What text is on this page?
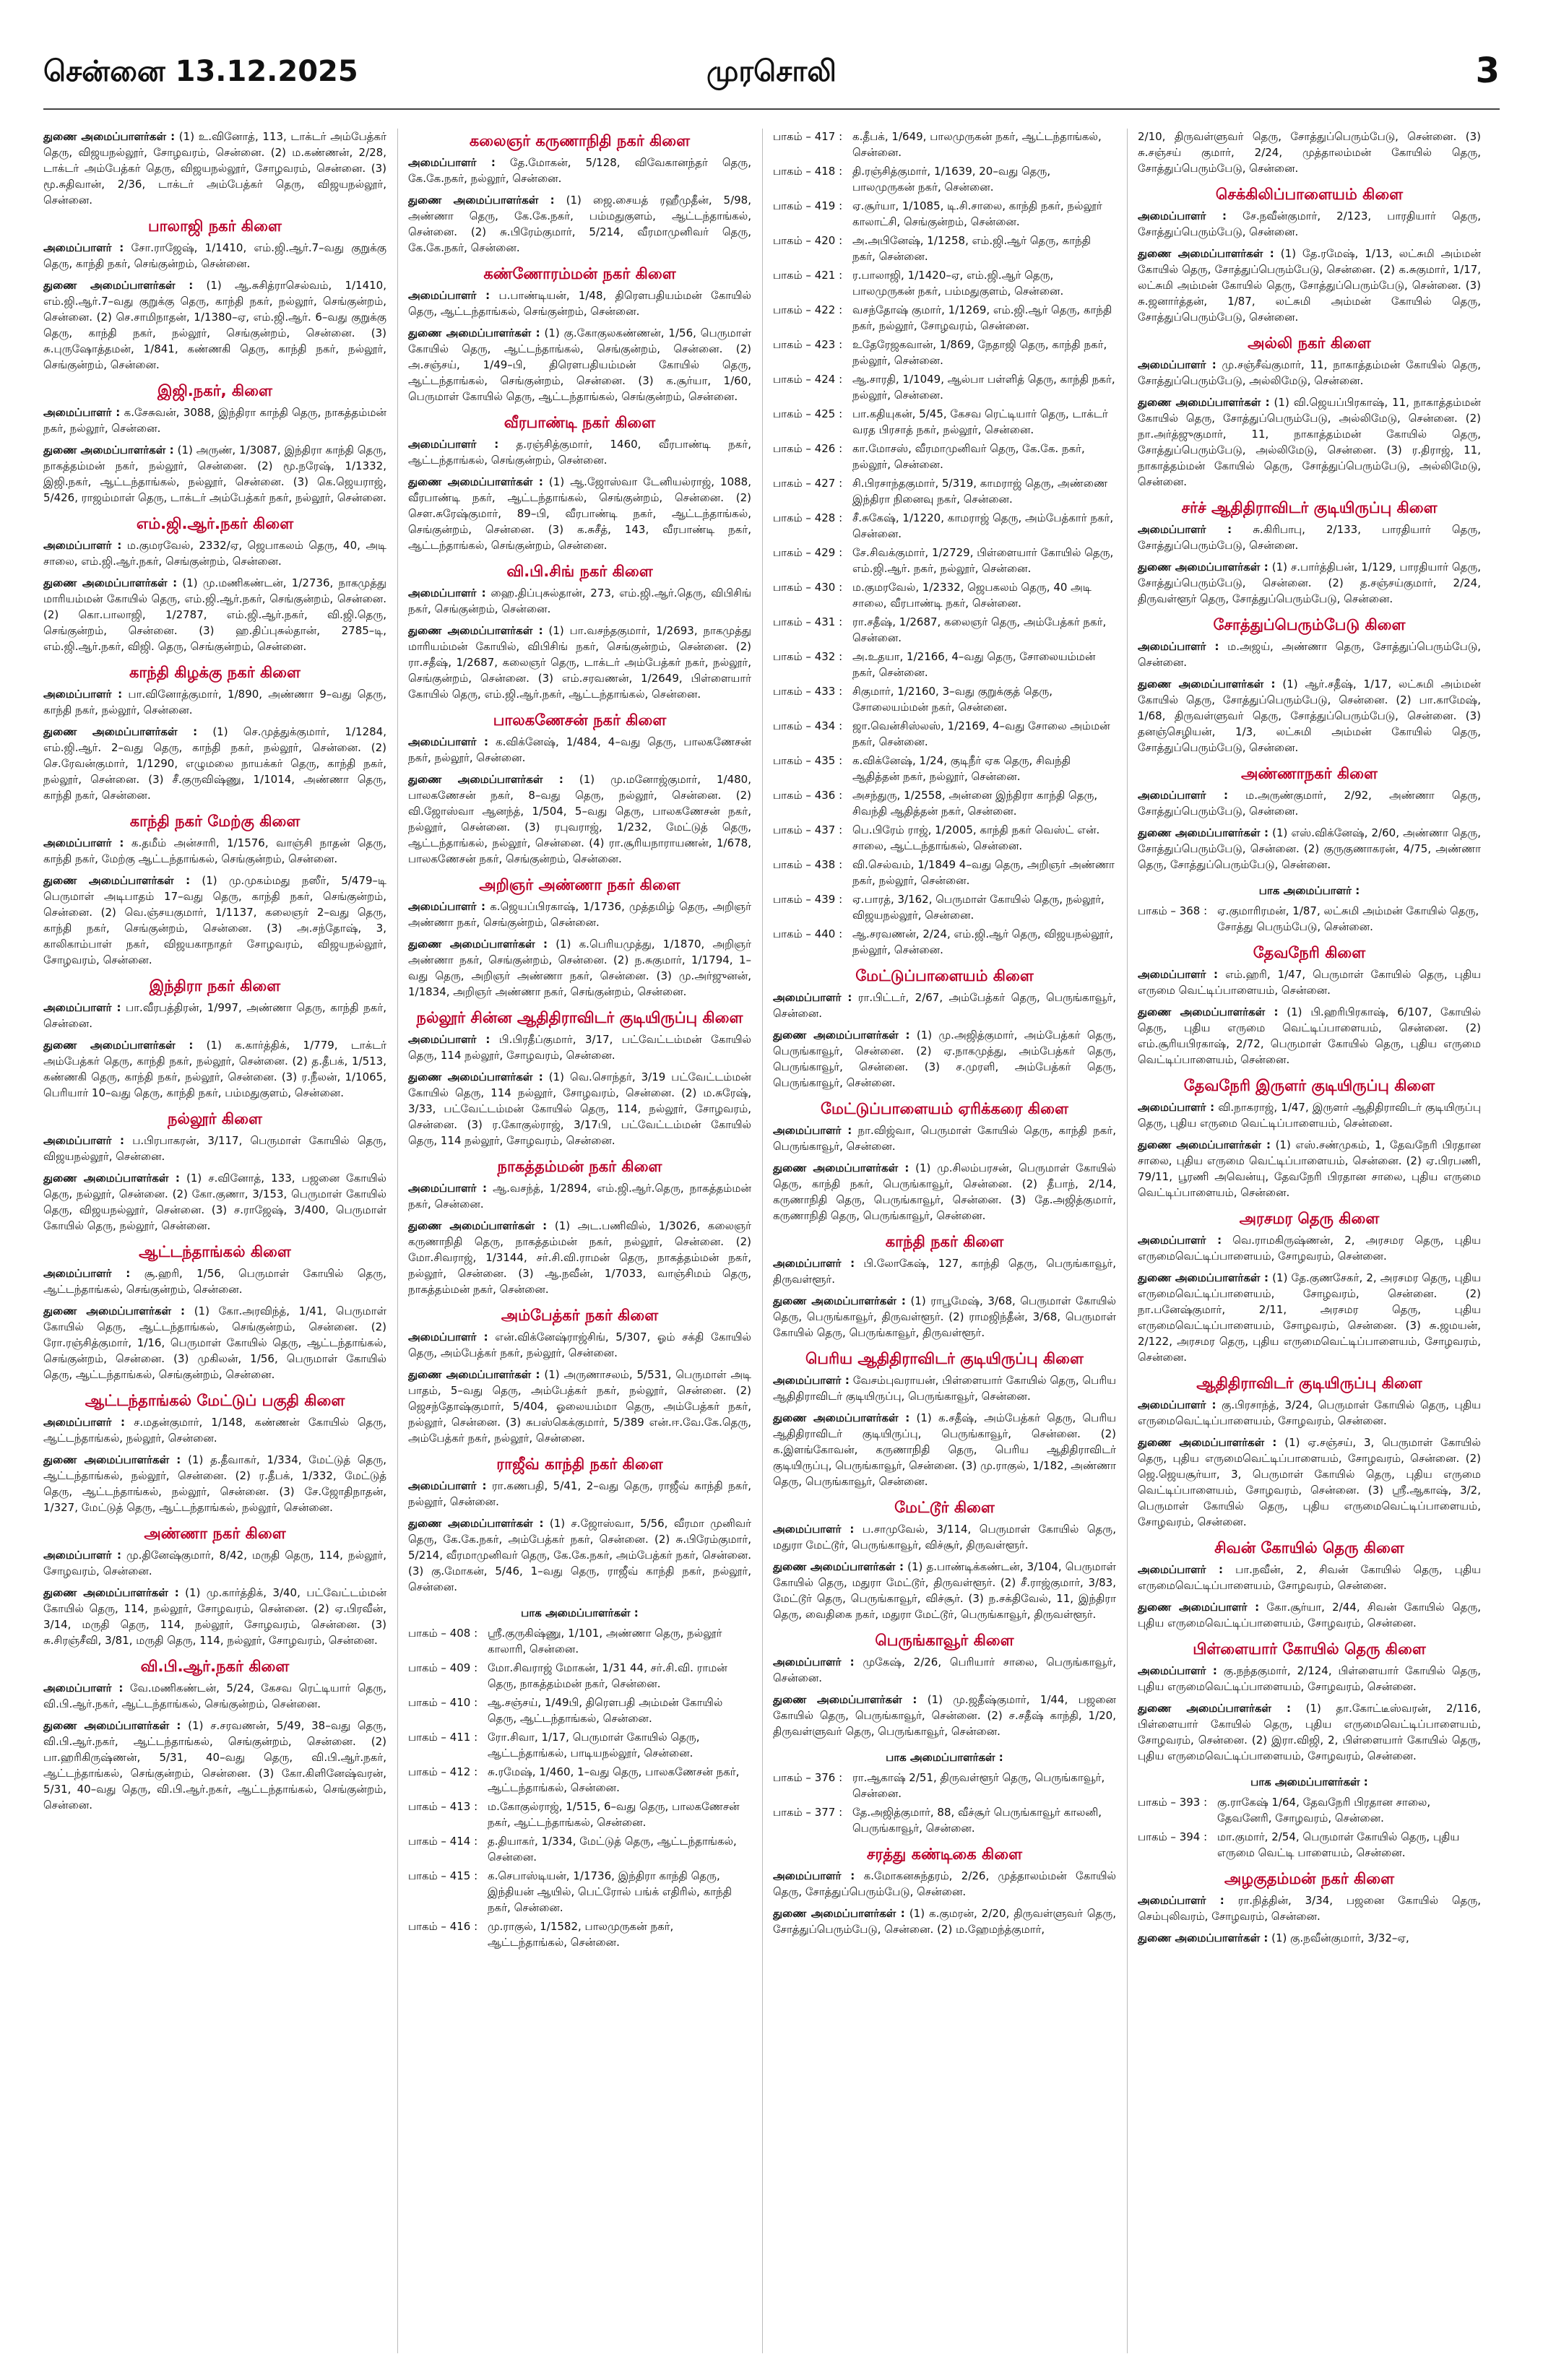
சென்னை 13.12.2025	முரசொலி	3

துணை அமைப்பாளர்கள் : (1) உ.வினோத், 113, டாக்டர் அம்பேத்கர் தெரு, விஜயநல்லூர், சோழவரம், சென்னை. (2) ம.கண்ணன், 2/28, டாக்டர் அம்பேத்கர் தெரு, விஜயநல்லூர், சோழவரம், சென்னை. (3) மூ.சுதிவான், 2/36, டாக்டர் அம்பேத்கர் தெரு, விஜயநல்லூர், சென்னை.

பாலாஜி நகர் கிளை

அமைப்பாளர் : சோ.ராஜேஷ், 1/1410, எம்.ஜி.ஆர்.7–வது குறுக்கு தெரு, காந்தி நகர், செங்குன்றம், சென்னை.

துணை அமைப்பாளர்கள் : (1) ஆ.சுசித்ராசெல்வம், 1/1410, எம்.ஜி.ஆர்.7–வது குறுக்கு தெரு, காந்தி நகர், நல்லூர், செங்குன்றம், சென்னை. (2) செ.சாமிநாதன், 1/1380–ஏ, எம்.ஜி.ஆர். 6–வது குறுக்கு தெரு, காந்தி நகர், நல்லூர், செங்குன்றம், சென்னை. (3) சு.புருஷோத்தமன், 1/841, கண்ணகி தெரு, காந்தி நகர், நல்லூர், செங்குன்றம், சென்னை.

இஜி.நகர், கிளை

அமைப்பாளர் : க.சேசுவன், 3088, இந்திரா காந்தி தெரு, நாகத்தம்மன் நகர், நல்லூர், சென்னை.

துணை அமைப்பாளர்கள் : (1) அருண், 1/3087, இந்திரா காந்தி தெரு, நாகத்தம்மன் நகர், நல்லூர், சென்னை. (2) மூ.நரேஷ், 1/1332, இஜி.நகர், ஆட்டந்தாங்கல், நல்லூர், சென்னை. (3) கெ.ஜெயராஜ், 5/426, ராஜம்மாள் தெரு, டாக்டர் அம்பேத்கர் நகர், நல்லூர், சென்னை.

எம்.ஜி.ஆர்.நகர் கிளை

அமைப்பாளர் : ம.குமரவேல், 2332/ஏ, ஜெபாகலம் தெரு, 40, அடி சாலை, எம்.ஜி.ஆர்.நகர், செங்குன்றம், சென்னை.

துணை அமைப்பாளர்கள் : (1) மு.மணிகண்டன், 1/2736, நாகமுத்து மாரியம்மன் கோயில் தெரு, எம்.ஜி.ஆர்.நகர், செங்குன்றம், சென்னை. (2) கொ.பாலாஜி, 1/2787, எம்.ஜி.ஆர்.நகர், வி.ஜி.தெரு, செங்குன்றம், சென்னை. (3) ஹ.திப்புசுல்தான், 2785–டி, எம்.ஜி.ஆர்.நகர், விஜி. தெரு, செங்குன்றம், சென்னை.

காந்தி கிழக்கு நகர் கிளை

அமைப்பாளர் : பா.வினோத்குமார், 1/890, அண்ணா 9–வது தெரு, காந்தி நகர், நல்லூர், சென்னை.

துணை அமைப்பாளர்கள் : (1) செ.முத்துக்குமார், 1/1284, எம்.ஜி.ஆர். 2–வது தெரு, காந்தி நகர், நல்லூர், சென்னை. (2) செ.ரேவன்குமார், 1/1290, எழுமலை நாயக்கர் தெரு, காந்தி நகர், நல்லூர், சென்னை. (3) சீ.குருவிஷ்ணு, 1/1014, அண்ணா தெரு, காந்தி நகர், சென்னை.

காந்தி நகர் மேற்கு கிளை

அமைப்பாளர் : க.தமீம் அன்சாரி, 1/1576, வாஞ்சி நாதன் தெரு, காந்தி நகர், மேற்கு ஆட்டந்தாங்கல், செங்குன்றம், சென்னை.

துணை அமைப்பாளர்கள் : (1) மு.முகம்மது நஸீர், 5/479–டி பெருமாள் அடிபாதம் 17–வது தெரு, காந்தி நகர், செங்குன்றம், சென்னை. (2) வெ.ஞ்சயகுமார், 1/1137, கலைஞர் 2–வது தெரு, காந்தி நகர், செங்குன்றம், சென்னை. (3) அ.சந்தோஷ், 3, காலிகாம்பாள் நகர், விஜயகாநாதர் சோழவரம், விஜயநல்லூர், சோழவரம், சென்னை.

இந்திரா நகர் கிளை

அமைப்பாளர் : பா.வீரபத்திரன், 1/997, அண்ணா தெரு, காந்தி நகர், சென்னை.

துணை அமைப்பாளர்கள் : (1) க.கார்த்திக், 1/779, டாக்டர் அம்பேத்கர் தெரு, காந்தி நகர், நல்லூர், சென்னை. (2) த.தீபக், 1/513, கண்ணகி தெரு, காந்தி நகர், நல்லூர், சென்னை. (3) ர.நீலன், 1/1065, பெரியார் 10–வது தெரு, காந்தி நகர், பம்மதுகுளம், சென்னை.

நல்லூர் கிளை

அமைப்பாளர் : ப.பிரபாகரன், 3/117, பெருமாள் கோயில் தெரு, விஜயநல்லூர், சென்னை.

துணை அமைப்பாளர்கள் : (1) ச.வினோத், 133, பஜனை கோயில் தெரு, நல்லூர், சென்னை. (2) கோ.குணா, 3/153, பெருமாள் கோயில் தெரு, விஜயநல்லூர், சென்னை. (3) ச.ராஜேஷ், 3/400, பெருமாள் கோயில் தெரு, நல்லூர், சென்னை.

ஆட்டந்தாங்கல் கிளை

அமைப்பாளர் : சூ.ஹரி, 1/56, பெருமாள் கோயில் தெரு, ஆட்டந்தாங்கல், செங்குன்றம், சென்னை.

துணை அமைப்பாளர்கள் : (1) கோ.அரவிந்த், 1/41, பெருமாள் கோயில் தெரு, ஆட்டந்தாங்கல், செங்குன்றம், சென்னை. (2) ரோ.ரஞ்சித்குமார், 1/16, பெருமாள் கோயில் தெரு, ஆட்டந்தாங்கல், செங்குன்றம், சென்னை. (3) முகிலன், 1/56, பெருமாள் கோயில் தெரு, ஆட்டந்தாங்கல், செங்குன்றம், சென்னை.

ஆட்டந்தாங்கல் மேட்டுப் பகுதி கிளை

அமைப்பாளர் : ச.மதன்குமார், 1/148, கண்ணன் கோயில் தெரு, ஆட்டந்தாங்கல், நல்லூர், சென்னை.

துணை அமைப்பாளர்கள் : (1) த.தீவாகர், 1/334, மேட்டுத் தெரு, ஆட்டந்தாங்கல், நல்லூர், சென்னை. (2) ர.தீபக், 1/332, மேட்டுத் தெரு, ஆட்டந்தாங்கல், நல்லூர், சென்னை. (3) சே.ஜோதிநாதன், 1/327, மேட்டுத் தெரு, ஆட்டந்தாங்கல், நல்லூர், சென்னை.

அண்ணா நகர் கிளை

அமைப்பாளர் : மு.தினேஷ்குமார், 8/42, மருதி தெரு, 114, நல்லூர், சோழவரம், சென்னை.

துணை அமைப்பாளர்கள் : (1) மு.கார்த்திக், 3/40, பட்வேட்டம்மன் கோயில் தெரு, 114, நல்லூர், சோழவரம், சென்னை. (2) ஏ.பிரவீன், 3/14, மருதி தெரு, 114, நல்லூர், சோழவரம், சென்னை. (3) சு.சிரஞ்சீவி, 3/81, மருதி தெரு, 114, நல்லூர், சோழவரம், சென்னை.

வி.பி.ஆர்.நகர் கிளை

அமைப்பாளர் : வே.மணிகண்டன், 5/24, கேசவ ரெட்டியார் தெரு, வி.பி.ஆர்.நகர், ஆட்டந்தாங்கல், செங்குன்றம், சென்னை.

துணை அமைப்பாளர்கள் : (1) ச.சரவணன், 5/49, 38–வது தெரு, வி.பி.ஆர்.நகர், ஆட்டந்தாங்கல், செங்குன்றம், சென்னை. (2) பா.ஹரிகிருஷ்ணன், 5/31, 40–வது தெரு, வி.பி.ஆர்.நகர், ஆட்டந்தாங்கல், செங்குன்றம், சென்னை. (3) கோ.கிளினேஷ்வரன், 5/31, 40–வது தெரு, வி.பி.ஆர்.நகர், ஆட்டந்தாங்கல், செங்குன்றம், சென்னை.

கலைஞர் கருணாநிதி நகர் கிளை

அமைப்பாளர் : தே.மோகன், 5/128, விவேகானந்தர் தெரு, கே.கே.நகர், நல்லூர், சென்னை.

துணை அமைப்பாளர்கள் : (1) ஜை.சையத் ரஹீமுதீன், 5/98, அண்ணா தெரு, கே.கே.நகர், பம்மதுகுளம், ஆட்டந்தாங்கல், சென்னை. (2) சு.பிரேம்குமார், 5/214, வீரமாமுனிவர் தெரு, கே.கே.நகர், சென்னை.

கண்ணோரம்மன் நகர் கிளை

அமைப்பாளர் : ப.பாண்டியன், 1/48, திரௌபதியம்மன் கோயில் தெரு, ஆட்டந்தாங்கல், செங்குன்றம், சென்னை.

துணை அமைப்பாளர்கள் : (1) கு.கோகுலகண்ணன், 1/56, பெருமாள் கோயில் தெரு, ஆட்டந்தாங்கல், செங்குன்றம், சென்னை. (2) அ.சஞ்சய், 1/49–பி, திரௌபதியம்மன் கோயில் தெரு, ஆட்டந்தாங்கல், செங்குன்றம், சென்னை. (3) க.சூர்யா, 1/60, பெருமாள் கோயில் தெரு, ஆட்டந்தாங்கல், செங்குன்றம், சென்னை.

வீரபாண்டி நகர் கிளை

அமைப்பாளர் : த.ரஞ்சித்குமார், 1460, வீரபாண்டி நகர், ஆட்டந்தாங்கல், செங்குன்றம், சென்னை.

துணை அமைப்பாளர்கள் : (1) ஆ.ஜோஸ்வா டேனியல்ராஜ், 1088, வீரபாண்டி நகர், ஆட்டந்தாங்கல், செங்குன்றம், சென்னை. (2) சௌ.சுரேஷ்குமார், 89–பி, வீரபாண்டி நகர், ஆட்டந்தாங்கல், செங்குன்றம், சென்னை. (3) க.சுசீத், 143, வீரபாண்டி நகர், ஆட்டந்தாங்கல், செங்குன்றம், சென்னை.

வி.பி.சிங் நகர் கிளை

அமைப்பாளர் : ஹை.திப்புசுல்தான், 273, எம்.ஜி.ஆர்.தெரு, விபிசிங் நகர், செங்குன்றம், சென்னை.

துணை அமைப்பாளர்கள் : (1) பா.வசந்தகுமார், 1/2693, நாகமுத்து மாரியம்மன் கோயில், விபிசிங் நகர், செங்குன்றம், சென்னை. (2) ரா.சதீஷ், 1/2687, கலைஞர் தெரு, டாக்டர் அம்பேத்கர் நகர், நல்லூர், செங்குன்றம், சென்னை. (3) எம்.சரவணன், 1/2649, பிள்ளையார் கோயில் தெரு, எம்.ஜி.ஆர்.நகர், ஆட்டந்தாங்கல், சென்னை.

பாலகணேசன் நகர் கிளை

அமைப்பாளர் : க.விக்னேஷ், 1/484, 4–வது தெரு, பாலகணேசன் நகர், நல்லூர், சென்னை.

துணை அமைப்பாளர்கள் : (1) மு.மனோஜ்குமார், 1/480, பாலகணேசன் நகர், 8–வது தெரு, நல்லூர், சென்னை. (2) வி.ஜோஸ்வா ஆனந்த், 1/504, 5–வது தெரு, பாலகணேசன் நகர், நல்லூர், சென்னை. (3) ரபுவராஜ், 1/232, மேட்டுத் தெரு, ஆட்டந்தாங்கல், நல்லூர், சென்னை. (4) ரா.சூரியநாராயணன், 1/678, பாலகணேசன் நகர், செங்குன்றம், சென்னை.

அறிஞர் அண்ணா நகர் கிளை

அமைப்பாளர் : க.ஜெயப்பிரகாஷ், 1/1736, முத்தமிழ் தெரு, அறிஞர் அண்ணா நகர், செங்குன்றம், சென்னை.

துணை அமைப்பாளர்கள் : (1) க.பெரியமுத்து, 1/1870, அறிஞர் அண்ணா நகர், செங்குன்றம், சென்னை. (2) ந.சுகுமார், 1/1794, 1–வது தெரு, அறிஞர் அண்ணா நகர், சென்னை. (3) மு.அர்ஜுனன், 1/1834, அறிஞர் அண்ணா நகர், செங்குன்றம், சென்னை.

நல்லூர் சின்ன ஆதிதிராவிடர் குடியிருப்பு கிளை

அமைப்பாளர் : பி.பிரதீப்குமார், 3/17, பட்வேட்டம்மன் கோயில் தெரு, 114 நல்லூர், சோழவரம், சென்னை.

துணை அமைப்பாளர்கள் : (1) வெ.சொந்தர், 3/19 பட்வேட்டம்மன் கோயில் தெரு, 114 நல்லூர், சோழவரம், சென்னை. (2) ம.சுரேஷ், 3/33, பட்வேட்டம்மன் கோயில் தெரு, 114, நல்லூர், சோழவரம், சென்னை. (3) ர.கோகுல்ராஜ், 3/17பி, பட்வேட்டம்மன் கோயில் தெரு, 114 நல்லூர், சோழவரம், சென்னை.

நாகத்தம்மன் நகர் கிளை

அமைப்பாளர் : ஆ.வசந்த், 1/2894, எம்.ஜி.ஆர்.தெரு, நாகத்தம்மன் நகர், சென்னை.

துணை அமைப்பாளர்கள் : (1) அட.பணிவில், 1/3026, கலைஞர் கருணாநிதி தெரு, நாகத்தம்மன் நகர், நல்லூர், சென்னை. (2) மோ.சிவராஜ், 1/3144, சர்.சி.வி.ராமன் தெரு, நாகத்தம்மன் நகர், நல்லூர், சென்னை. (3) ஆ.நவீன், 1/7033, வாஞ்சிமம் தெரு, நாகத்தம்மன் நகர், சென்னை.

அம்பேத்கர் நகர் கிளை

அமைப்பாளர் : என்.விக்னேஷ்ராஜ்சிங், 5/307, ஓம் சக்தி கோயில் தெரு, அம்பேத்கர் நகர், நல்லூர், சென்னை.

துணை அமைப்பாளர்கள் : (1) அருணாசலம், 5/531, பெருமாள் அடி பாதம், 5–வது தெரு, அம்பேத்கர் நகர், நல்லூர், சென்னை. (2) ஜெசந்தோஷ்குமார், 5/404, ஓலையம்மா தெரு, அம்பேத்கர் நகர், நல்லூர், சென்னை. (3) சுபஸ்கெக்குமார், 5/389 என்.ஈ.வே.கே.தெரு, அம்பேத்கர் நகர், நல்லூர், சென்னை.

ராஜீவ் காந்தி நகர் கிளை

அமைப்பாளர் : ரா.கணபதி, 5/41, 2–வது தெரு, ராஜீவ் காந்தி நகர், நல்லூர், சென்னை.

துணை அமைப்பாளர்கள் : (1) ச.ஜோஸ்வா, 5/56, வீரமா முனிவர் தெரு, கே.கே.நகர், அம்பேத்கர் நகர், சென்னை. (2) சு.பிரேம்குமார், 5/214, வீரமாமுனிவர் தெரு, கே.கே.நகர், அம்பேத்கர் நகர், சென்னை. (3) கு.மோகன், 5/46, 1–வது தெரு, ராஜீவ் காந்தி நகர், நல்லூர், சென்னை.

பாக அமைப்பாளர்கள் :
பாகம் – 408 : ஸ்ரீ.குருகிஷ்ணு, 1/101, அண்ணா தெரு, நல்லூர் காலாரி, சென்னை.
பாகம் – 409 : மோ.சிவராஜ் மோகன், 1/31 44, சர்.சி.வி. ராமன் தெரு, நாகத்தம்மன் நகர், சென்னை.
பாகம் – 410 : ஆ.சஞ்சய், 1/49பி, திரௌபதி அம்மன் கோயில் தெரு, ஆட்டந்தாங்கல், சென்னை.
பாகம் – 411 : ரோ.சிவா, 1/17, பெருமாள் கோயில் தெரு, ஆட்டந்தாங்கல், பாடியநல்லூர், சென்னை.
பாகம் – 412 : சு.ரமேஷ், 1/460, 1–வது தெரு, பாலகணேசன் நகர், ஆட்டந்தாங்கல், சென்னை.
பாகம் – 413 : ம.கோகுல்ராஜ், 1/515, 6–வது தெரு, பாலகணேசன் நகர், ஆட்டந்தாங்கல், சென்னை.
பாகம் – 414 : த.தியாகர், 1/334, மேட்டுத் தெரு, ஆட்டந்தாங்கல், சென்னை.
பாகம் – 415 : க.செபாஸ்டியன், 1/1736, இந்திரா காந்தி தெரு, இந்தியன் ஆயில், பெட்ரோல் பங்க் எதிரில், காந்தி நகர், சென்னை.
பாகம் – 416 : மு.ராகுல், 1/1582, பாலமுருகன் நகர், ஆட்டந்தாங்கல், சென்னை.
பாகம் – 417 : க.தீபக், 1/649, பாலமுருகன் நகர், ஆட்டந்தாங்கல், சென்னை.
பாகம் – 418 : தி.ரஞ்சித்குமார், 1/1639, 20–வது தெரு, பாலமுருகன் நகர், சென்னை.
பாகம் – 419 : ஏ.சூர்யா, 1/1085, டி.சி.சாலை, காந்தி நகர், நல்லூர் காலாட்சி, செங்குன்றம், சென்னை.
பாகம் – 420 : அ.அபினேஷ், 1/1258, எம்.ஜி.ஆர் தெரு, காந்தி நகர், சென்னை.
பாகம் – 421 : ர.பாலாஜி, 1/1420–ஏ, எம்.ஜி.ஆர் தெரு, பாலமுருகன் நகர், பம்மதுகுளம், சென்னை.
பாகம் – 422 : வசந்தோஷ் குமார், 1/1269, எம்.ஜி.ஆர் தெரு, காந்தி நகர், நல்லூர், சோழவரம், சென்னை.
பாகம் – 423 : உதேரேஜகவான், 1/869, நேதாஜி தெரு, காந்தி நகர், நல்லூர், சென்னை.
பாகம் – 424 : ஆ.சாரதி, 1/1049, ஆல்பா பள்ளித் தெரு, காந்தி நகர், நல்லூர், சென்னை.
பாகம் – 425 : பா.கதியுகன், 5/45, கேசவ ரெட்டியார் தெரு, டாக்டர் வரத பிரசாத் நகர், நல்லூர், சென்னை.
பாகம் – 426 : கா.மோசஸ், வீரமாமுனிவர் தெரு, கே.கே. நகர், நல்லூர், சென்னை.
பாகம் – 427 : சி.பிரசாந்தகுமார், 5/319, காமராஜ் தெரு, அண்ணை இந்திரா நினைவு நகர், சென்னை.
பாகம் – 428 : சீ.சுகேஷ், 1/1220, காமராஜ் தெரு, அம்பேத்கார் நகர், சென்னை.
பாகம் – 429 : சே.சிவக்குமார், 1/2729, பிள்ளையார் கோயில் தெரு, எம்.ஜி.ஆர். நகர், நல்லூர், சென்னை.
பாகம் – 430 : ம.குமரவேல், 1/2332, ஜெபகலம் தெரு, 40 அடி சாலை, வீரபாண்டி நகர், சென்னை.
பாகம் – 431 : ரா.சதீஷ், 1/2687, கலைஞர் தெரு, அம்பேத்கர் நகர், சென்னை.
பாகம் – 432 : அ.உதயா, 1/2166, 4–வது தெரு, சோலையம்மன் நகர், சென்னை.
பாகம் – 433 : சிகுமார், 1/2160, 3–வது குறுக்குத் தெரு, சோலையம்மன் நகர், சென்னை.
பாகம் – 434 : ஜா.வென்சிஸ்லஸ், 1/2169, 4–வது சோலை அம்மன் நகர், சென்னை.
பாகம் – 435 : க.விக்னேஷ், 1/24, குடிநீர் ஏக தெரு, சிவந்தி ஆதித்தன் நகர், நல்லூர், சென்னை.
பாகம் – 436 : அசந்துரு, 1/2558, அன்னை இந்திரா காந்தி தெரு, சிவந்தி ஆதித்தன் நகர், சென்னை.
பாகம் – 437 : பெ.பிரேம் ராஜ், 1/2005, காந்தி நகர் வெஸ்ட் என். சாலை, ஆட்டந்தாங்கல், சென்னை.
பாகம் – 438 : வி.செல்வம், 1/1849 4–வது தெரு, அறிஞர் அண்ணா நகர், நல்லூர், சென்னை.
பாகம் – 439 : ஏ.பாரத், 3/162, பெருமாள் கோயில் தெரு, நல்லூர், விஜயநல்லூர், சென்னை.
பாகம் – 440 : ஆ.சரவணன், 2/24, எம்.ஜி.ஆர் தெரு, விஜயநல்லூர், நல்லூர், சென்னை.
மேட்டுப்பாளையம் கிளை

அமைப்பாளர் : ரா.பிட்டர், 2/67, அம்பேத்கர் தெரு, பெருங்காவூர், சென்னை.

துணை அமைப்பாளர்கள் : (1) மு.அஜித்குமார், அம்பேத்கர் தெரு, பெருங்காவூர், சென்னை. (2) ஏ.நாகமுத்து, அம்பேத்கர் தெரு, பெருங்காவூர், சென்னை. (3) ச.முரளி, அம்பேத்கர் தெரு, பெருங்காவூர், சென்னை.

மேட்டுப்பாளையம் ஏரிக்கரை கிளை

அமைப்பாளர் : நா.விஜ்வா, பெருமாள் கோயில் தெரு, காந்தி நகர், பெருங்காவூர், சென்னை.

துணை அமைப்பாளர்கள் : (1) மு.சிலம்பரசன், பெருமாள் கோயில் தெரு, காந்தி நகர், பெருங்காவூர், சென்னை. (2) தீபாந், 2/14, கருணாநிதி தெரு, பெருங்காவூர், சென்னை. (3) தே.அஜித்குமார், கருணாநிதி தெரு, பெருங்காவூர், சென்னை.

காந்தி நகர் கிளை

அமைப்பாளர் : பி.லோகேஷ், 127, காந்தி தெரு, பெருங்காவூர், திருவள்ளூர்.

துணை அமைப்பாளர்கள் : (1) ராபூமேஷ், 3/68, பெருமாள் கோயில் தெரு, பெருங்காவூர், திருவள்ளூர். (2) ராமஜிந்தீன், 3/68, பெருமாள் கோயில் தெரு, பெருங்காவூர், திருவள்ளூர்.

பெரிய ஆதிதிராவிடர் குடியிருப்பு கிளை

அமைப்பாளர் : வேசம்புவராயன், பிள்ளையார் கோயில் தெரு, பெரிய ஆதிதிராவிடர் குடியிருப்பு, பெருங்காவூர், சென்னை.

துணை அமைப்பாளர்கள் : (1) க.சதீஷ், அம்பேத்கர் தெரு, பெரிய ஆதிதிராவிடர் குடியிருப்பு, பெருங்காவூர், சென்னை. (2) க.இளங்கோவன், கருணாநிதி தெரு, பெரிய ஆதிதிராவிடர் குடியிருப்பு, பெருங்காவூர், சென்னை. (3) மு.ராகுல், 1/182, அண்ணா தெரு, பெருங்காவூர், சென்னை.

மேட்டூர் கிளை

அமைப்பாளர் : ப.சாமுவேல், 3/114, பெருமாள் கோயில் தெரு, மதுரா மேட்டூர், பெருங்காவூர், விச்சூர், திருவள்ளூர்.

துணை அமைப்பாளர்கள் : (1) த.பாண்டிக்கண்டன், 3/104, பெருமாள் கோயில் தெரு, மதுரா மேட்டூர், திருவள்ளூர். (2) சீ.ராஜ்குமார், 3/83, மேட்டூர் தெரு, பெருங்காவூர், விச்சூர். (3) ந.சக்திவேல், 11, இந்திரா தெரு, வைதிகை நகர், மதுரா மேட்டூர், பெருங்காவூர், திருவள்ளூர்.

பெருங்காவூர் கிளை

அமைப்பாளர் : முகேஷ், 2/26, பெரியார் சாலை, பெருங்காவூர், சென்னை.

துணை அமைப்பாளர்கள் : (1) மு.ஜதீஷ்குமார், 1/44, பஜனை கோயில் தெரு, பெருங்காவூர், சென்னை. (2) ச.சதீஷ் காந்தி, 1/20, திருவள்ளுவர் தெரு, பெருங்காவூர், சென்னை.

பாக அமைப்பாளர்கள் :
பாகம் – 376 : ரா.ஆகாஷ் 2/51, திருவள்ளூர் தெரு, பெருங்காவூர், சென்னை.
பாகம் – 377 : தே.அஜித்குமார், 88, வீச்சூர் பெருங்காவூர் காலனி, பெருங்காவூர், சென்னை.
சரத்து கண்டிகை கிளை

அமைப்பாளர் : க.மோகனசுந்தரம், 2/26, முத்தாலம்மன் கோயில் தெரு, சோத்துப்பெரும்பேடு, சென்னை.

துணை அமைப்பாளர்கள் : (1) க.குமரன், 2/20, திருவள்ளுவர் தெரு, சோத்துப்பெரும்பேடு, சென்னை. (2) ம.ஹேமந்த்குமார்,

2/10, திருவள்ளுவர் தெரு, சோத்துப்பெரும்பேடு, சென்னை. (3) சு.சஞ்சய் குமார், 2/24, முத்தாலம்மன் கோயில் தெரு, சோத்துப்பெரும்பேடு, சென்னை.

செக்கிலிப்பாளையம் கிளை

அமைப்பாளர் : சே.நவீன்குமார், 2/123, பாரதியார் தெரு, சோத்துப்பெரும்பேடு, சென்னை.

துணை அமைப்பாளர்கள் : (1) தே.ரமேஷ், 1/13, லட்சுமி அம்மன் கோயில் தெரு, சோத்துப்பெரும்பேடு, சென்னை. (2) க.சுகுமார், 1/17, லட்சுமி அம்மன் கோயில் தெரு, சோத்துப்பெரும்பேடு, சென்னை. (3) சு.ஜனார்த்தன், 1/87, லட்சுமி அம்மன் கோயில் தெரு, சோத்துப்பெரும்பேடு, சென்னை.

அல்லி நகர் கிளை

அமைப்பாளர் : மு.சஞ்சீவ்குமார், 11, நாகாத்தம்மன் கோயில் தெரு, சோத்துப்பெரும்பேடு, அல்லிமேடு, சென்னை.

துணை அமைப்பாளர்கள் : (1) வி.ஜெயப்பிரகாஷ், 11, நாகாத்தம்மன் கோயில் தெரு, சோத்துப்பெரும்பேடு, அல்லிமேடு, சென்னை. (2) நா.அர்த்ஜுகுமார், 11, நாகாத்தம்மன் கோயில் தெரு, சோத்துப்பெரும்பேடு, அல்லிமேடு, சென்னை. (3) ர.திராஜ், 11, நாகாத்தம்மன் கோயில் தெரு, சோத்துப்பெரும்பேடு, அல்லிமேடு, சென்னை.

சர்ச் ஆதிதிராவிடர் குடியிருப்பு கிளை

அமைப்பாளர் : சு.கிரிபாபு, 2/133, பாரதியார் தெரு, சோத்துப்பெரும்பேடு, சென்னை.

துணை அமைப்பாளர்கள் : (1) ச.பார்த்திபன், 1/129, பாரதியார் தெரு, சோத்துப்பெரும்பேடு, சென்னை. (2) த.சஞ்சய்குமார், 2/24, திருவள்ளூர் தெரு, சோத்துப்பெரும்பேடு, சென்னை.

சோத்துப்பெரும்பேடு கிளை

அமைப்பாளர் : ம.அஜய், அண்ணா தெரு, சோத்துப்பெரும்பேடு, சென்னை.

துணை அமைப்பாளர்கள் : (1) ஆர்.சதீஷ், 1/17, லட்சுமி அம்மன் கோயில் தெரு, சோத்துப்பெரும்பேடு, சென்னை. (2) பா.காமேஷ், 1/68, திருவள்ளுவர் தெரு, சோத்துப்பெரும்பேடு, சென்னை. (3) தனஞ்செழியன், 1/3, லட்சுமி அம்மன் கோயில் தெரு, சோத்துப்பெரும்பேடு, சென்னை.

அண்ணாநகர் கிளை

அமைப்பாளர் : ம.அருண்குமார், 2/92, அண்ணா தெரு, சோத்துப்பெரும்பேடு, சென்னை.

துணை அமைப்பாளர்கள் : (1) எஸ்.விக்னேஷ், 2/60, அண்ணா தெரு, சோத்துப்பெரும்பேடு, சென்னை. (2) குருகுணாகரன், 4/75, அண்ணா தெரு, சோத்துப்பெரும்பேடு, சென்னை.

பாக அமைப்பாளர் :
பாகம் – 368 : ஏ.குமாரிரமன், 1/87, லட்சுமி அம்மன் கோயில் தெரு, சோத்து பெரும்பேடு, சென்னை.
தேவநேரி கிளை

அமைப்பாளர் : எம்.ஹரி, 1/47, பெருமாள் கோயில் தெரு, புதிய எருமை வெட்டிப்பாளையம், சென்னை.

துணை அமைப்பாளர்கள் : (1) பி.ஹரிபிரகாஷ், 6/107, கோயில் தெரு, புதிய எருமை வெட்டிப்பாளையம், சென்னை. (2) எம்.சூரியபிரகாஷ், 2/72, பெருமாள் கோயில் தெரு, புதிய எருமை வெட்டிப்பாளையம், சென்னை.

தேவநேரி இருளர் குடியிருப்பு கிளை

அமைப்பாளர் : வி.நாகராஜ், 1/47, இருளர் ஆதிதிராவிடர் குடியிருப்பு தெரு, புதிய எருமை வெட்டிப்பாளையம், சென்னை.

துணை அமைப்பாளர்கள் : (1) எஸ்.சண்முகம், 1, தேவநேரி பிரதான சாலை, புதிய எருமை வெட்டிப்பாளையம், சென்னை. (2) ஏ.பிரபணி, 79/11, பூரணி அவென்யு, தேவநேரி பிரதான சாலை, புதிய எருமை வெட்டிப்பாளையம், சென்னை.

அரசமர தெரு கிளை

அமைப்பாளர் : வெ.ராமகிருஷ்ணன், 2, அரசமர தெரு, புதிய எருமைவெட்டிப்பாளையம், சோழவரம், சென்னை.

துணை அமைப்பாளர்கள் : (1) தே.குணசேகர், 2, அரசமர தெரு, புதிய எருமைவெட்டிப்பாளையம், சோழவரம், சென்னை. (2) நா.பனேஷ்குமார், 2/11, அரசமர தெரு, புதிய எருமைவெட்டிப்பாளையம், சோழவரம், சென்னை. (3) சு.ஜமயன், 2/122, அரசமர தெரு, புதிய எருமைவெட்டிப்பாளையம், சோழவரம், சென்னை.

ஆதிதிராவிடர் குடியிருப்பு கிளை

அமைப்பாளர் : கு.பிரசாந்த், 3/24, பெருமாள் கோயில் தெரு, புதிய எருமைவெட்டிப்பாளையம், சோழவரம், சென்னை.

துணை அமைப்பாளர்கள் : (1) ஏ.சஞ்சய், 3, பெருமாள் கோயில் தெரு, புதிய எருமைவெட்டிப்பாளையம், சோழவரம், சென்னை. (2) ஜெ.ஜெயசூர்யா, 3, பெருமாள் கோயில் தெரு, புதிய எருமை வெட்டிப்பாளையம், சோழவரம், சென்னை. (3) ஸ்ரீ.ஆகாஷ், 3/2, பெருமாள் கோயில் தெரு, புதிய எருமைவெட்டிப்பாளையம், சோழவரம், சென்னை.

சிவன் கோயில் தெரு கிளை

அமைப்பாளர் : பா.நவீன், 2, சிவன் கோயில் தெரு, புதிய எருமைவெட்டிப்பாளையம், சோழவரம், சென்னை.

துணை அமைப்பாளர் : கோ.சூர்யா, 2/44, சிவன் கோயில் தெரு, புதிய எருமைவெட்டிப்பாளையம், சோழவரம், சென்னை.

பிள்ளையார் கோயில் தெரு கிளை

அமைப்பாளர் : கு.நந்தகுமார், 2/124, பிள்ளையார் கோயில் தெரு, புதிய எருமைவெட்டிப்பாளையம், சோழவரம், சென்னை.

துணை அமைப்பாளர்கள் : (1) தா.கோட்டீஸ்வரன், 2/116, பிள்ளையார் கோயில் தெரு, புதிய எருமைவெட்டிப்பாளையம், சோழவரம், சென்னை. (2) இரா.விஜி, 2, பிள்ளையார் கோயில் தெரு, புதிய எருமைவெட்டிப்பாளையம், சோழவரம், சென்னை.

பாக அமைப்பாளர்கள் :
பாகம் – 393 : கு.ராகேஷ் 1/64, தேவநேரி பிரதான சாலை, தேவனேரி, சோழவரம், சென்னை.
பாகம் – 394 : மா.குமார், 2/54, பெருமாள் கோயில் தெரு, புதிய எருமை வெட்டி பாளையம், சென்னை.
அழகுதம்மன் நகர் கிளை

அமைப்பாளர் : ரா.நித்தின், 3/34, பஜனை கோயில் தெரு, செம்புலிவரம், சோழவரம், சென்னை.

துணை அமைப்பாளர்கள் : (1) கு.நவீன்குமார், 3/32–ஏ,
